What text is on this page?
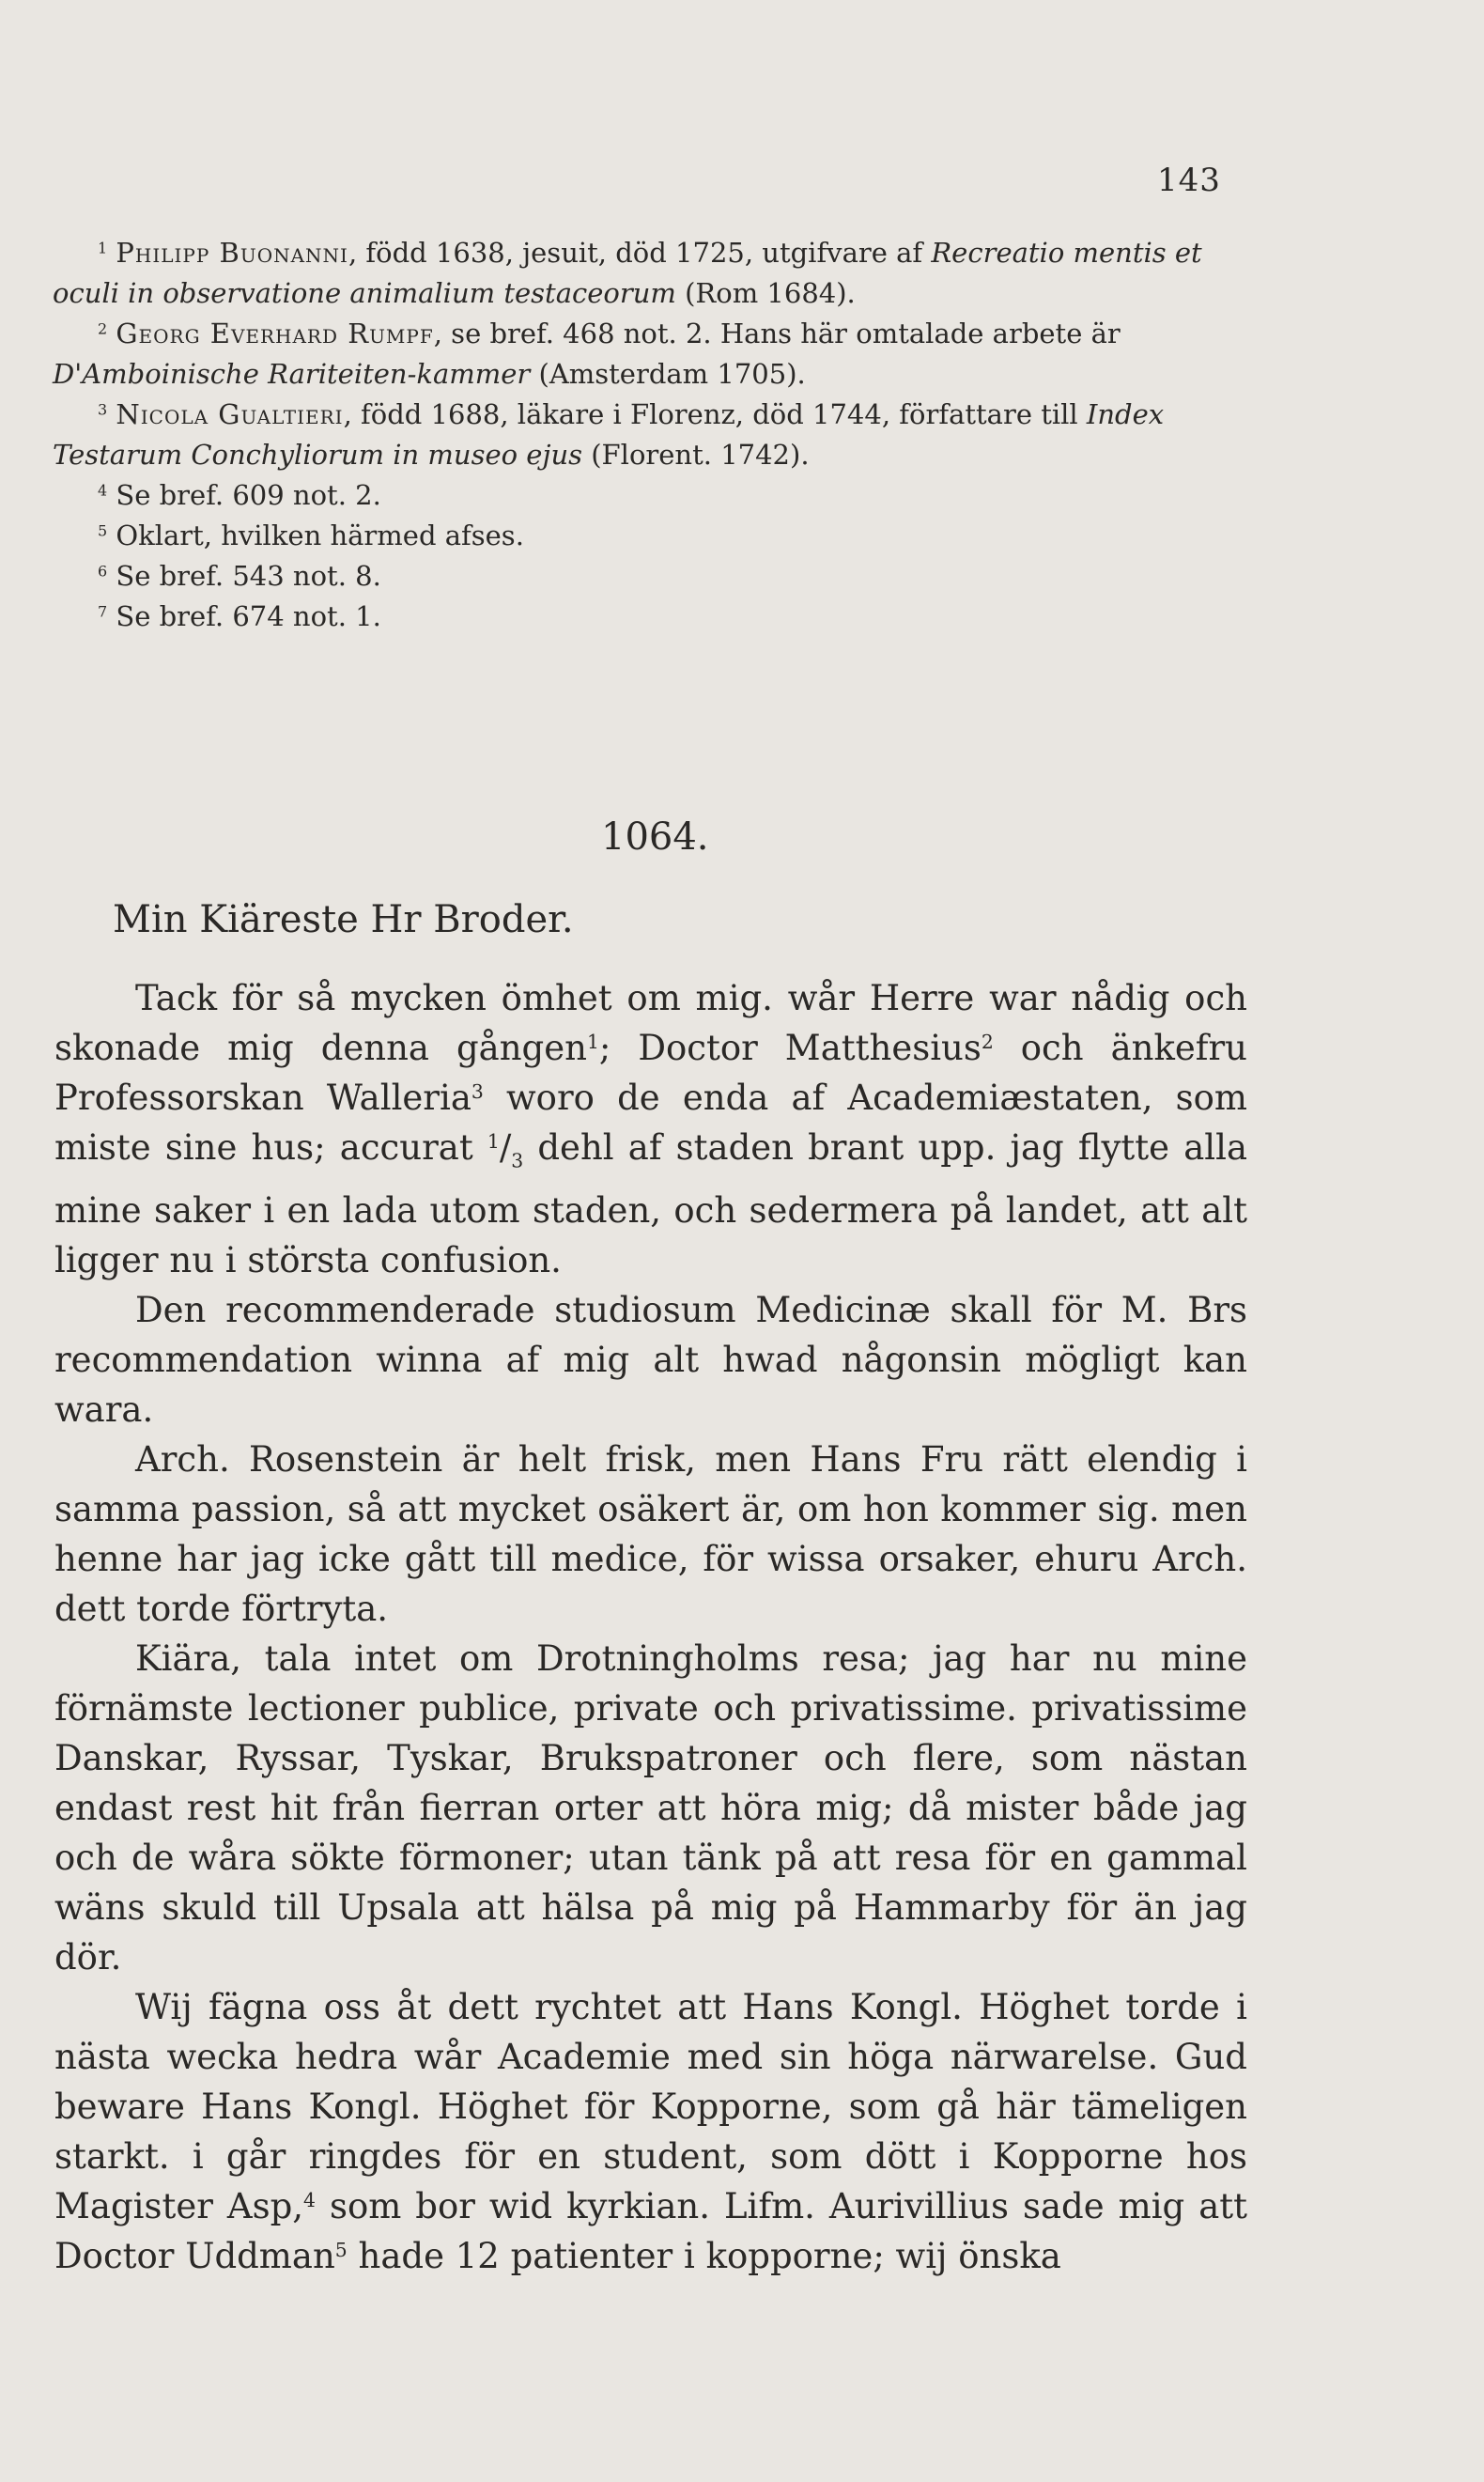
143

$^1$ Philipp Buonanni, född 1638, jesuit, död 1725, utgifvare af Recreatio mentis et oculi in observatione animalium testaceorum (Rom 1684).

$^2$ Georg Everhard Rumpf, se bref. 468 not. 2. Hans här omtalade arbete är D'Amboinische Rariteiten-kammer (Amsterdam 1705).

$^3$ Nicola Gualtieri, född 1688, läkare i Florenz, död 1744, författare till Index Testarum Conchyliorum in museo ejus (Florent. 1742).

$^4$ Se bref. 609 not. 2.

$^5$ Oklart, hvilken härmed afses.

$^6$ Se bref. 543 not. 8.

$^7$ Se bref. 674 not. 1.

1064.
Min Kiäreste Hr Broder.

Tack för så mycken ömhet om mig. wår Herre war nådig och skonade mig denna gången$^1$; Doctor Matthesius$^2$ och änkefru Professorskan Walleria$^3$ woro de enda af Academiæstaten, som miste sine hus; accurat $^1/_3$ dehl af staden brant upp. jag flytte alla mine saker i en lada utom staden, och sedermera på landet, att alt ligger nu i största confusion.

Den recommenderade studiosum Medicinæ skall för M. Brs recommendation winna af mig alt hwad någonsin mögligt kan wara.

Arch. Rosenstein är helt frisk, men Hans Fru rätt elendig i samma passion, så att mycket osäkert är, om hon kommer sig. men henne har jag icke gått till medice, för wissa orsaker, ehuru Arch. dett torde förtryta.

Kiära, tala intet om Drotningholms resa; jag har nu mine förnämste lectioner publice, private och privatissime. privatissime Danskar, Ryssar, Tyskar, Brukspatroner och flere, som nästan endast rest hit från fierran orter att höra mig; då mister både jag och de wåra sökte förmoner; utan tänk på att resa för en gammal wäns skuld till Upsala att hälsa på mig på Hammarby för än jag dör.

Wij fägna oss åt dett rychtet att Hans Kongl. Höghet torde i nästa wecka hedra wår Academie med sin höga närwarelse. Gud beware Hans Kongl. Höghet för Kopporne, som gå här tämeligen starkt. i går ringdes för en student, som dött i Kopporne hos Magister Asp,$^4$ som bor wid kyrkian. Lifm. Aurivillius sade mig att Doctor Uddman$^5$ hade 12 patienter i kopporne; wij önska
